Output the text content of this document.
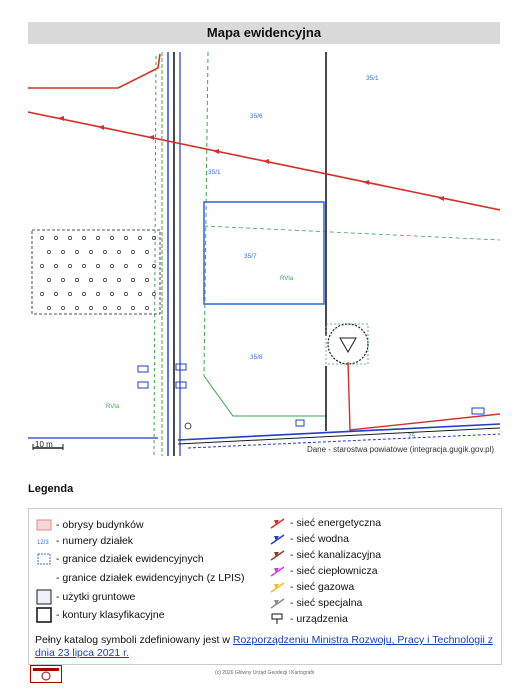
Mapa ewidencyjna
35/1
35/6
35/1
35/7
35/8
75
RVIa
RVIa
10 m
Dane - starostwa powiatowe (integracja.gugik.gov.pl)
Legenda
- obrysy budynków
12/3 - numery działek
- granice działek ewidencyjnych
- granice działek ewidencyjnych (z LPIS)
- użytki gruntowe
- kontury klasyfikacyjne
- sieć energetyczna
- sieć wodna
- sieć kanalizacyjna
- sieć ciepłownicza
- sieć gazowa
- sieć specjalna
- urządzenia
Pełny katalog symboli zdefiniowany jest w Rozporządzeniu Ministra Rozwoju, Pracy i Technologii z dnia 23 lipca 2021 r.
(c) 2026 Główny Urząd Geodezji i Kartografii
